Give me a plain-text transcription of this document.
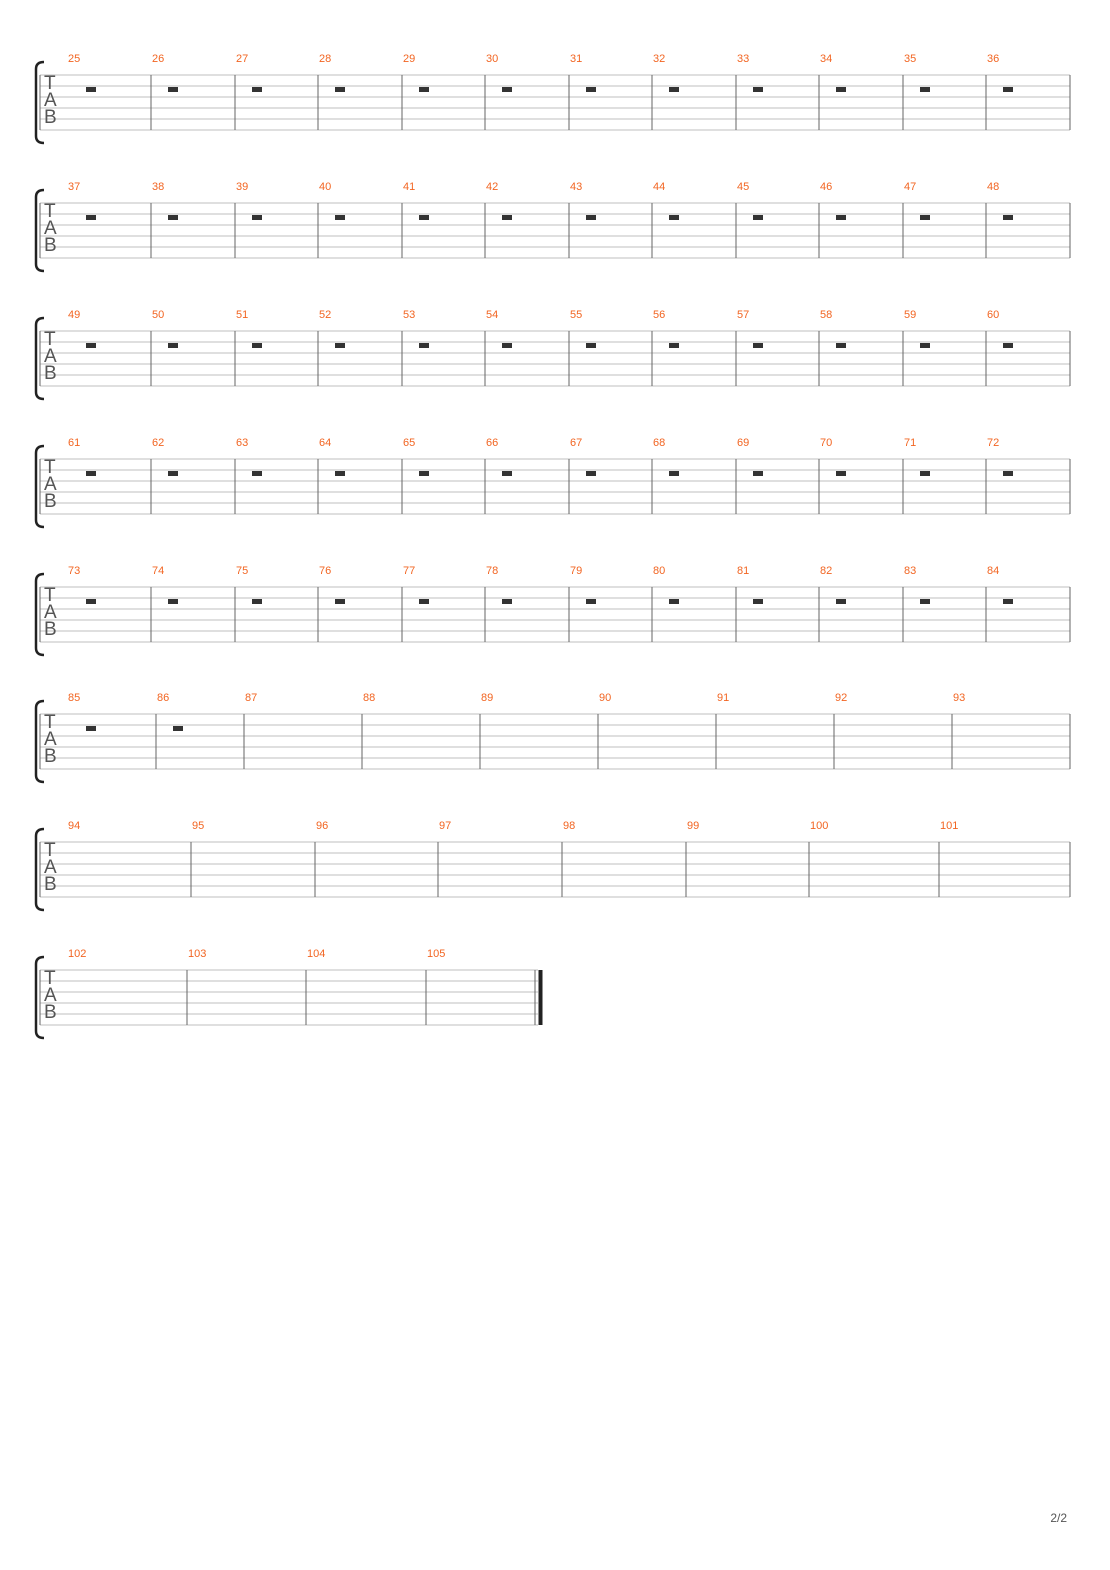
T
A
B
25	26	27	28	29	30	31	32	33	34	35	36
T
A
B
37	38	39	40	41	42	43	44	45	46	47	48
T
A
B
49	50	51	52	53	54	55	56	57	58	59	60
T
A
B
61	62	63	64	65	66	67	68	69	70	71	72
T
A
B
73	74	75	76	77	78	79	80	81	82	83	84
T
A
B
85	86	87	88	89	90	91	92	93
T
A
B
94	95	96	97	98	99	100	101
T
A
B
102	103	104	105
2/2
